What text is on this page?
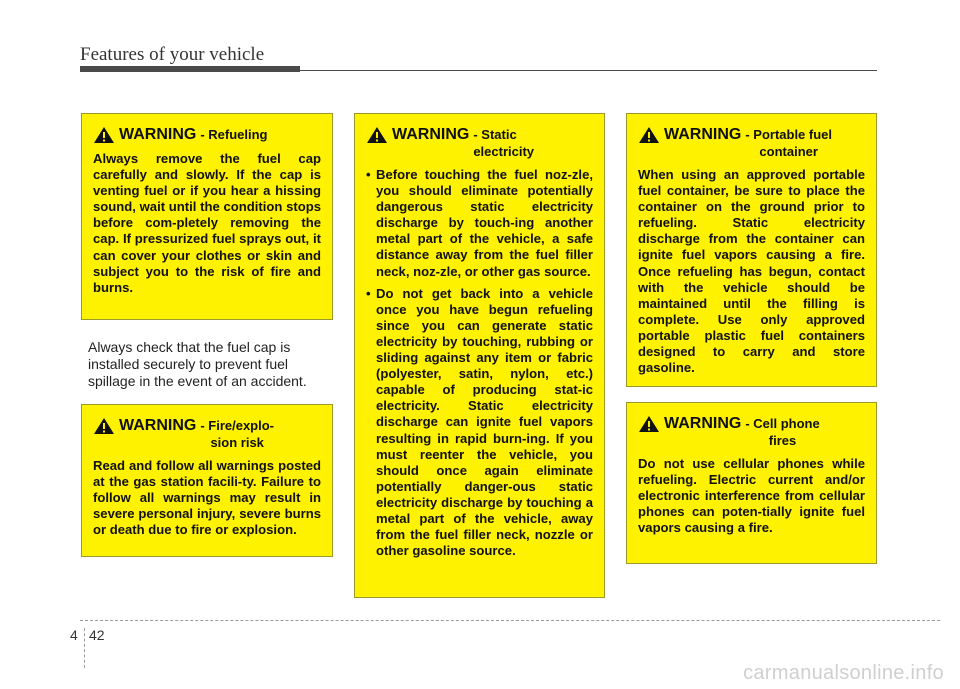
Features of your vehicle
WARNING - Refueling
Always remove the fuel cap carefully and slowly. If the cap is venting fuel or if you hear a hissing sound, wait until the condition stops before com-pletely removing the cap. If pressurized fuel sprays out, it can cover your clothes or skin and subject you to the risk of fire and burns.
Always check that the fuel cap is installed securely to prevent fuel spillage in the event of an accident.
WARNING - Fire/explo-
sion risk
Read and follow all warnings posted at the gas station facili-ty. Failure to follow all warnings may result in severe personal injury, severe burns or death due to fire or explosion.
WARNING - Static
electricity
• Before touching the fuel noz-zle, you should eliminate potentially dangerous static electricity discharge by touch-ing another metal part of the vehicle, a safe distance away from the fuel filler neck, noz-zle, or other gas source.
• Do not get back into a vehicle once you have begun refueling since you can generate static electricity by touching, rubbing or sliding against any item or fabric (polyester, satin, nylon, etc.) capable of producing stat-ic electricity. Static electricity discharge can ignite fuel vapors resulting in rapid burn-ing. If you must reenter the vehicle, you should once again eliminate potentially danger-ous static electricity discharge by touching a metal part of the vehicle, away from the fuel filler neck, nozzle or other gasoline source.
WARNING - Portable fuel
container
When using an approved portable fuel container, be sure to place the container on the ground prior to refueling. Static electricity discharge from the container can ignite fuel vapors causing a fire. Once refueling has begun, contact with the vehicle should be maintained until the filling is complete. Use only approved portable plastic fuel containers designed to carry and store gasoline.
WARNING - Cell phone
fires
Do not use cellular phones while refueling. Electric current and/or electronic interference from cellular phones can poten-tially ignite fuel vapors causing a fire.
4 42
carmanualsonline.info
